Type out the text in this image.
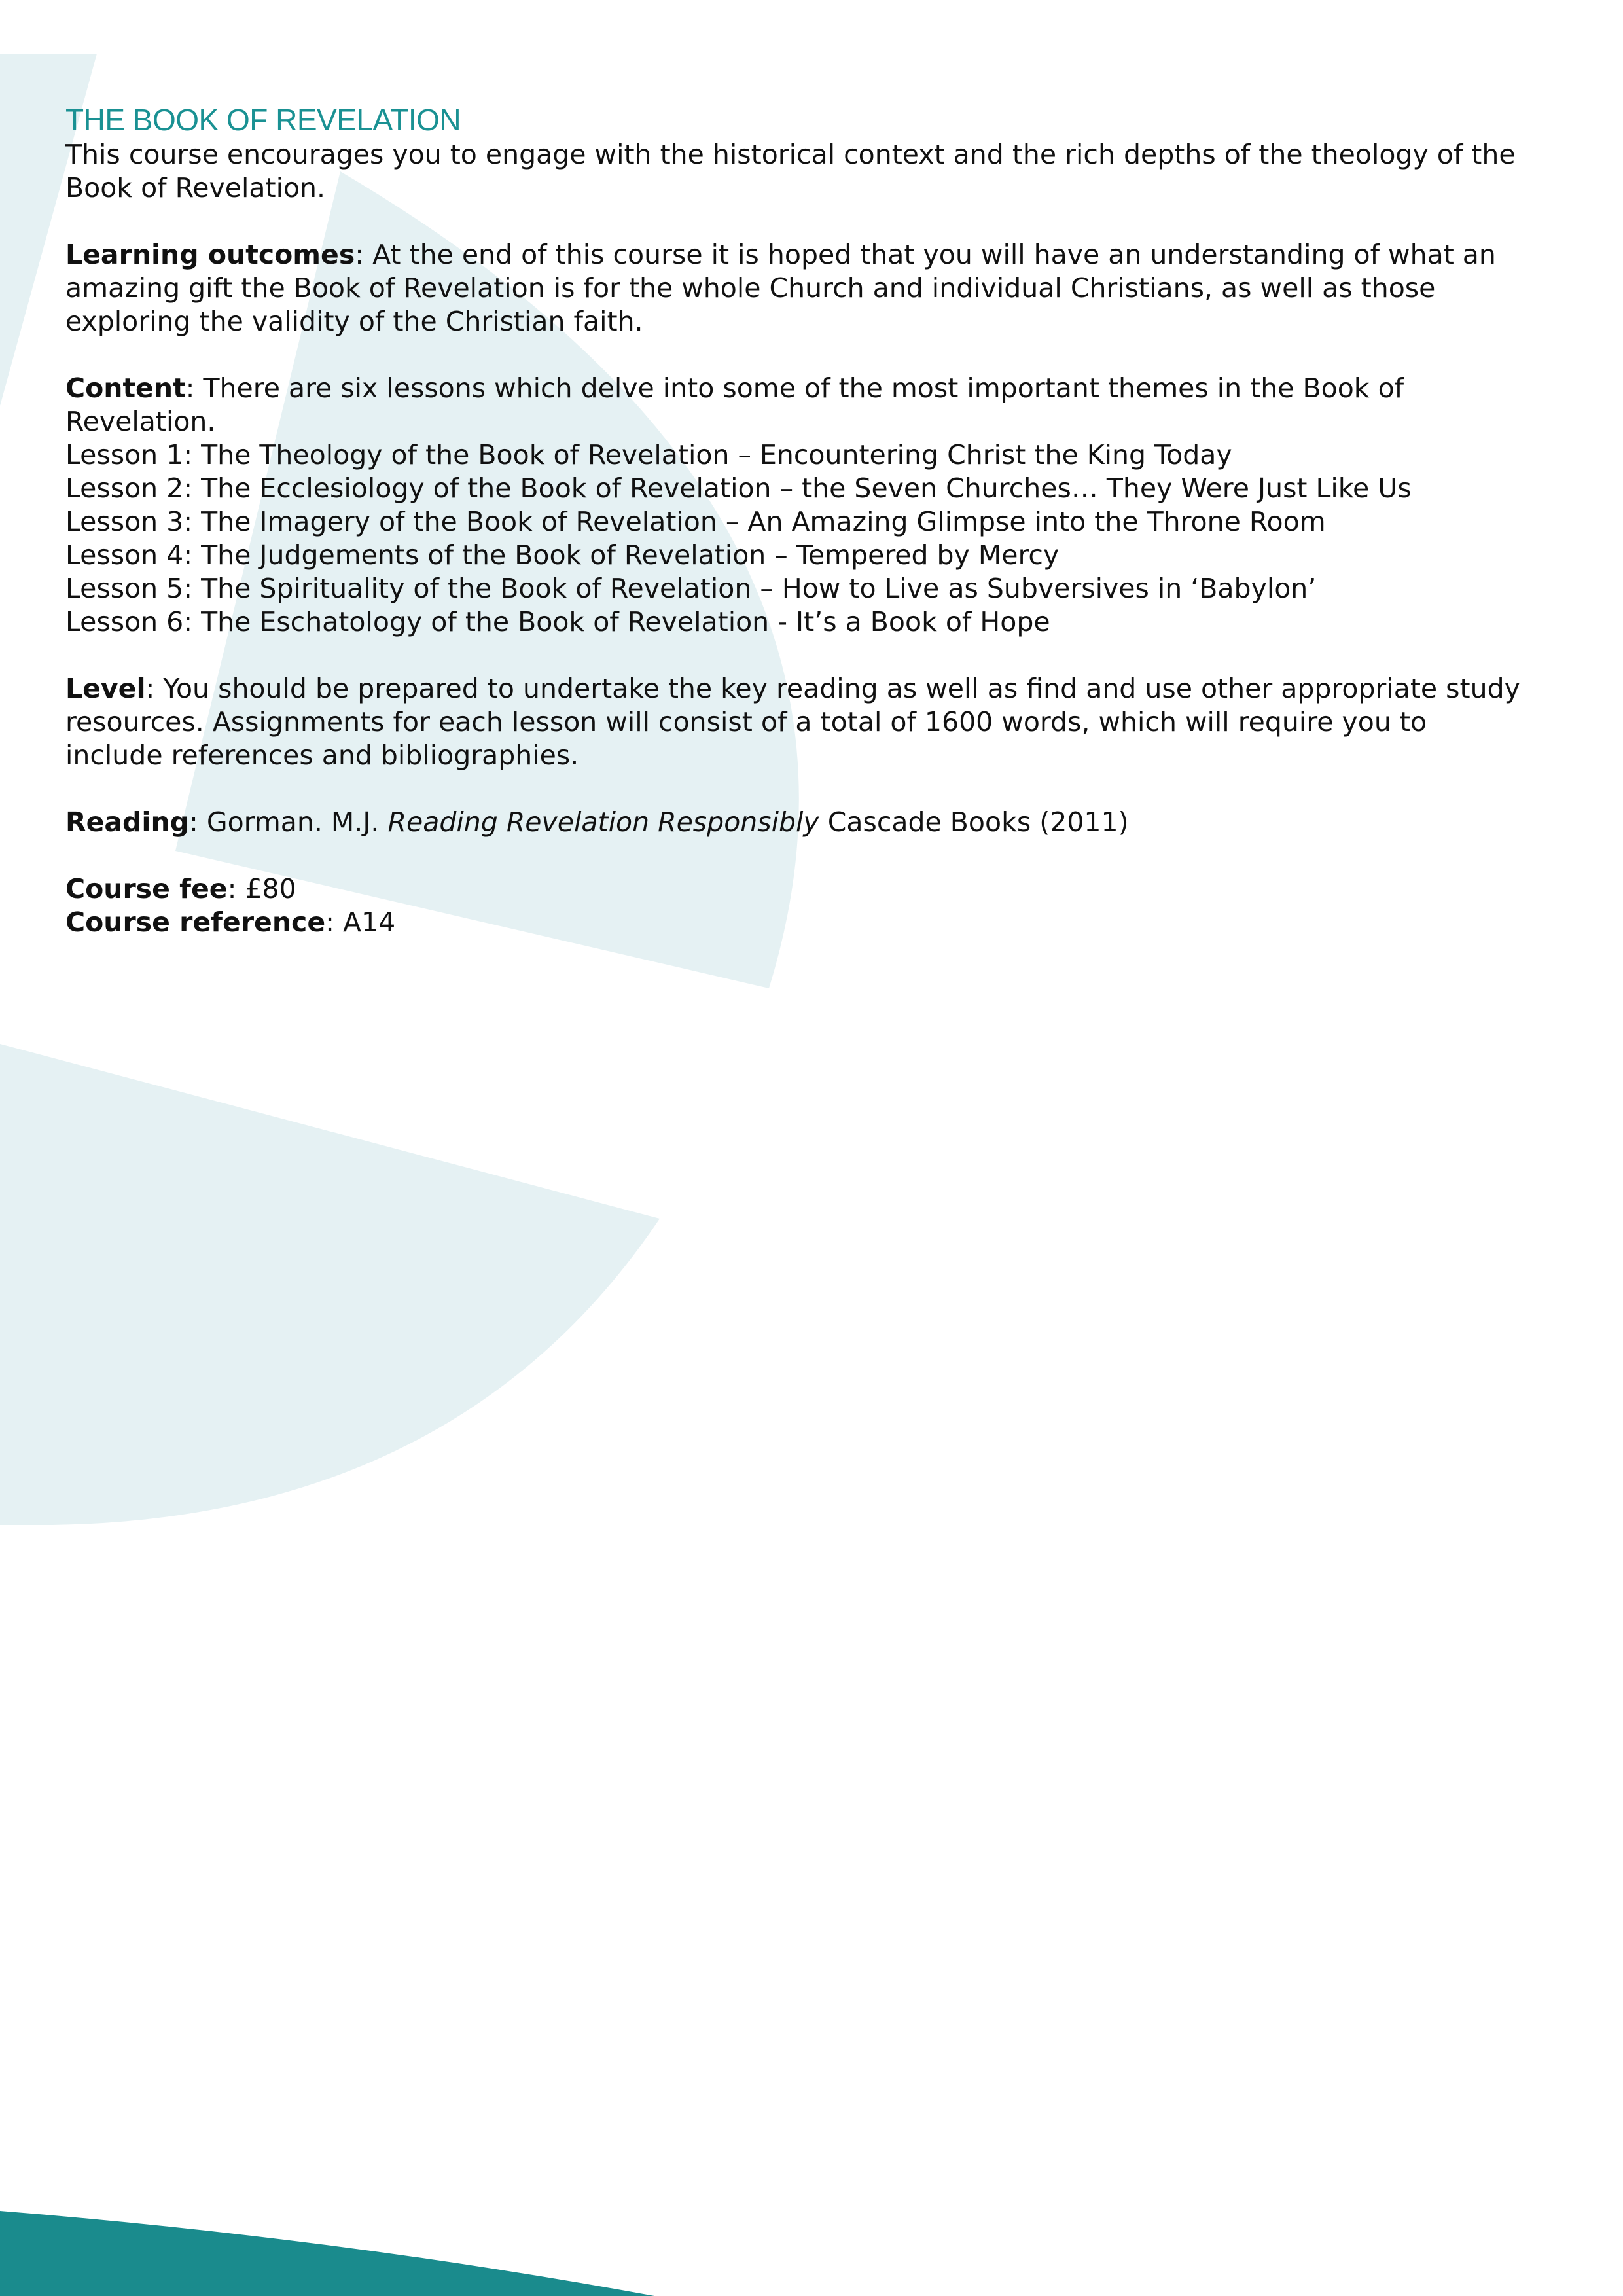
THE BOOK OF REVELATION

This course encourages you to engage with the historical context and the rich depths of the theology of the Book of Revelation.

Learning outcomes: At the end of this course it is hoped that you will have an understanding of what an amazing gift the Book of Revelation is for the whole Church and individual Christians, as well as those exploring the validity of the Christian faith.

Content: There are six lessons which delve into some of the most important themes in the Book of Revelation.
Lesson 1: The Theology of the Book of Revelation – Encountering Christ the King Today
Lesson 2: The Ecclesiology of the Book of Revelation – the Seven Churches… They Were Just Like Us
Lesson 3: The Imagery of the Book of Revelation – An Amazing Glimpse into the Throne Room
Lesson 4: The Judgements of the Book of Revelation – Tempered by Mercy
Lesson 5: The Spirituality of the Book of Revelation – How to Live as Subversives in ‘Babylon’
Lesson 6: The Eschatology of the Book of Revelation - It’s a Book of Hope

Level: You should be prepared to undertake the key reading as well as find and use other appropriate study resources. Assignments for each lesson will consist of a total of 1600 words, which will require you to include references and bibliographies.

Reading: Gorman. M.J. Reading Revelation Responsibly Cascade Books (2011)

Course fee: £80
Course reference: A14
